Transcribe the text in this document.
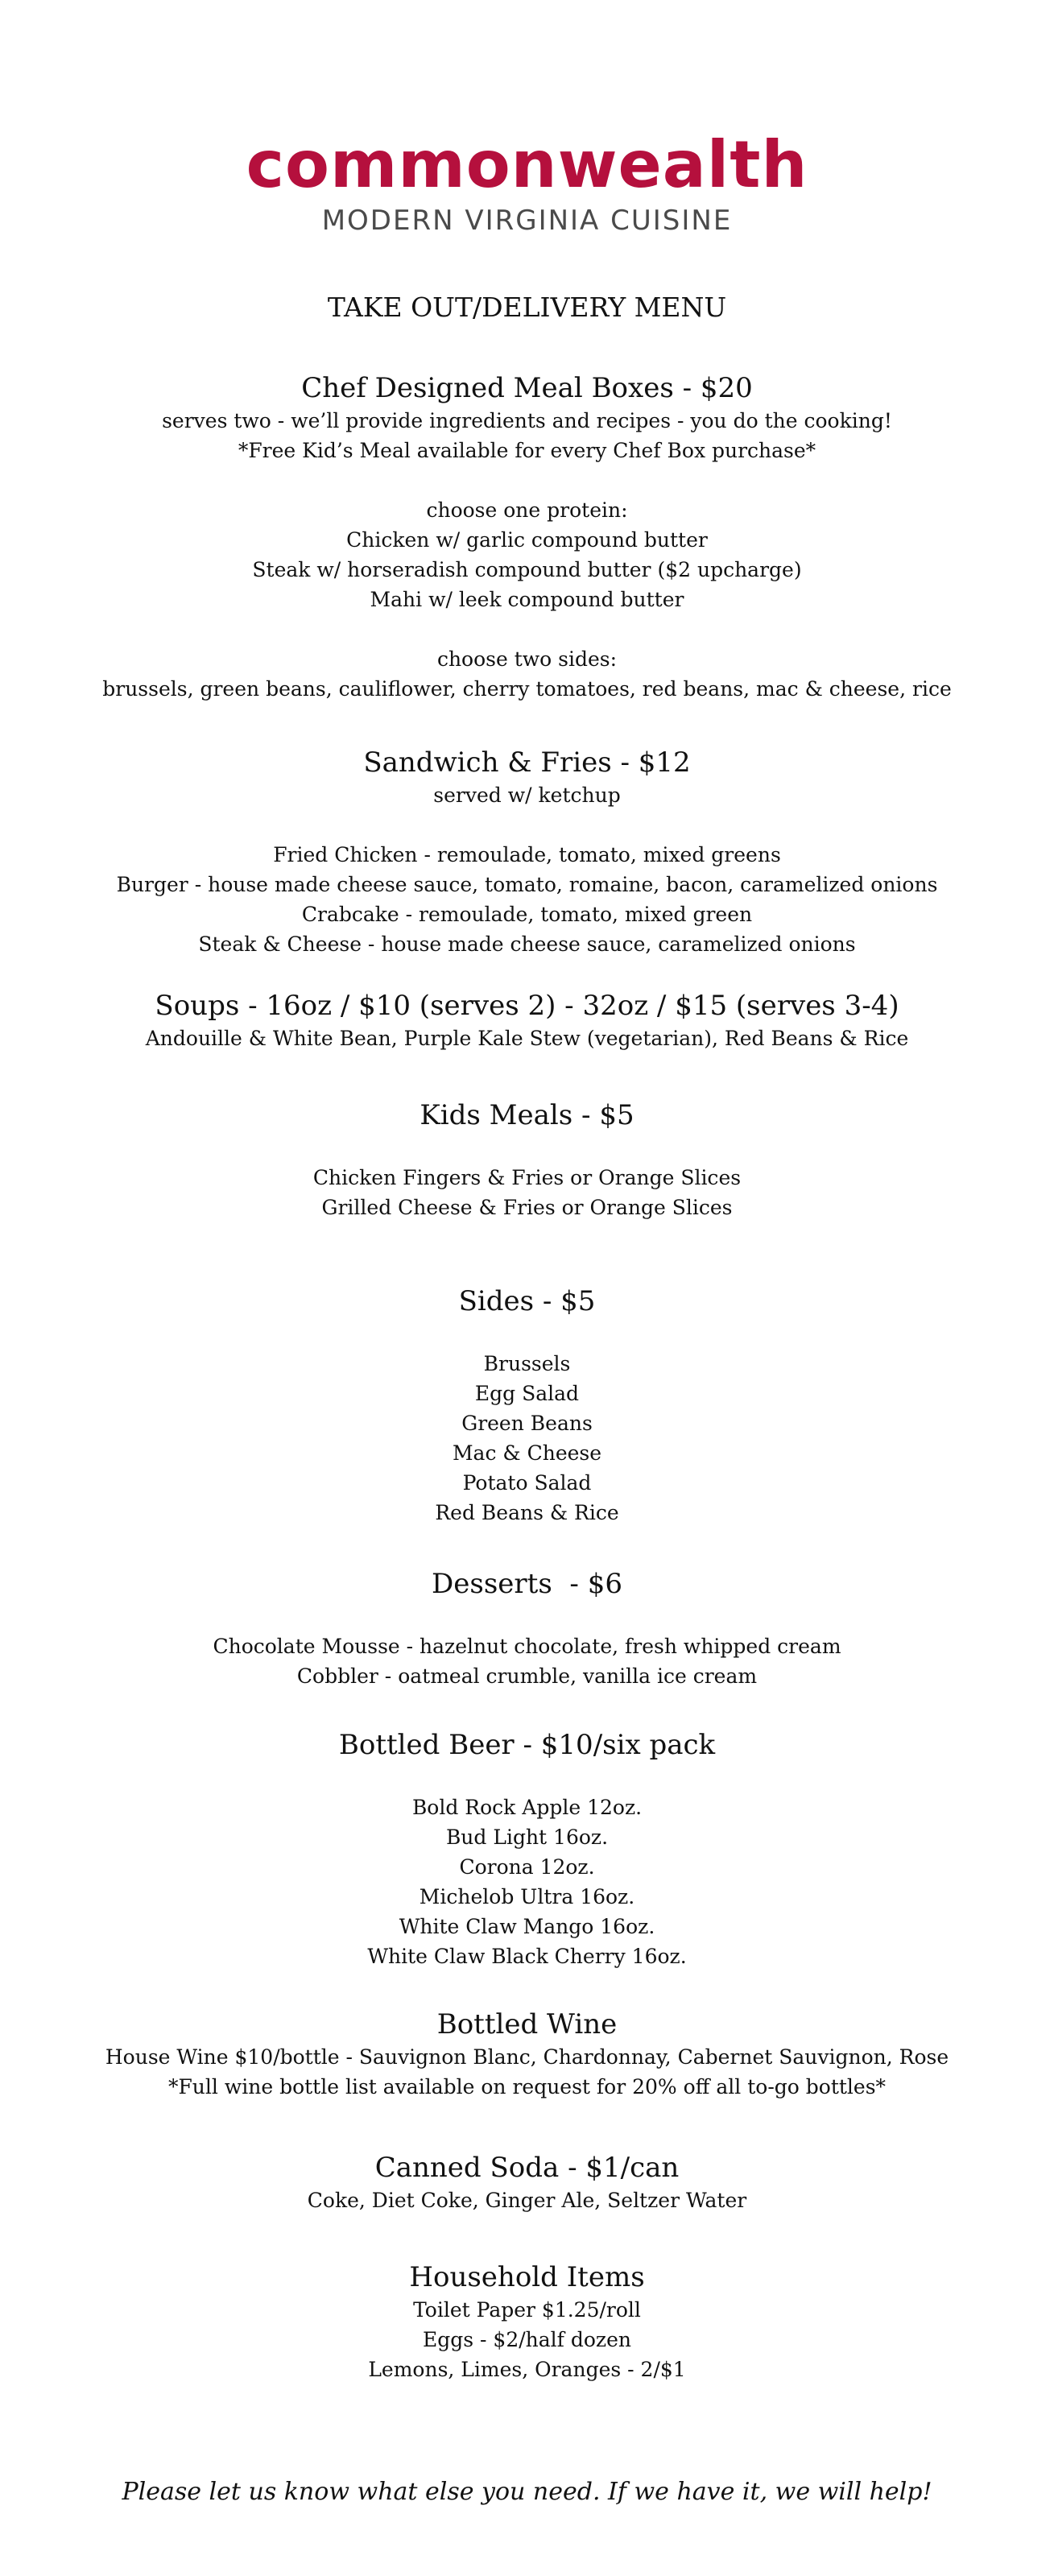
commonwealth
MODERN VIRGINIA CUISINE
TAKE OUT/DELIVERY MENU
Chef Designed Meal Boxes - $20
serves two - we’ll provide ingredients and recipes - you do the cooking!
*Free Kid’s Meal available for every Chef Box purchase*
choose one protein:
Chicken w/ garlic compound butter
Steak w/ horseradish compound butter ($2 upcharge)
Mahi w/ leek compound butter
choose two sides:
brussels, green beans, cauliflower, cherry tomatoes, red beans, mac & cheese, rice
Sandwich & Fries - $12
served w/ ketchup
Fried Chicken - remoulade, tomato, mixed greens
Burger - house made cheese sauce, tomato, romaine, bacon, caramelized onions
Crabcake - remoulade, tomato, mixed green
Steak & Cheese - house made cheese sauce, caramelized onions
Soups - 16oz / $10 (serves 2) - 32oz / $15 (serves 3-4)
Andouille & White Bean, Purple Kale Stew (vegetarian), Red Beans & Rice
Kids Meals - $5
Chicken Fingers & Fries or Orange Slices
Grilled Cheese & Fries or Orange Slices
Sides - $5
Brussels
Egg Salad
Green Beans
Mac & Cheese
Potato Salad
Red Beans & Rice
Desserts  - $6
Chocolate Mousse - hazelnut chocolate, fresh whipped cream
Cobbler - oatmeal crumble, vanilla ice cream
Bottled Beer - $10/six pack
Bold Rock Apple 12oz.
Bud Light 16oz.
Corona 12oz.
Michelob Ultra 16oz.
White Claw Mango 16oz.
White Claw Black Cherry 16oz.
Bottled Wine
House Wine $10/bottle - Sauvignon Blanc, Chardonnay, Cabernet Sauvignon, Rose
*Full wine bottle list available on request for 20% off all to-go bottles*
Canned Soda - $1/can
Coke, Diet Coke, Ginger Ale, Seltzer Water
Household Items
Toilet Paper $1.25/roll
Eggs - $2/half dozen
Lemons, Limes, Oranges - 2/$1
Please let us know what else you need. If we have it, we will help!
